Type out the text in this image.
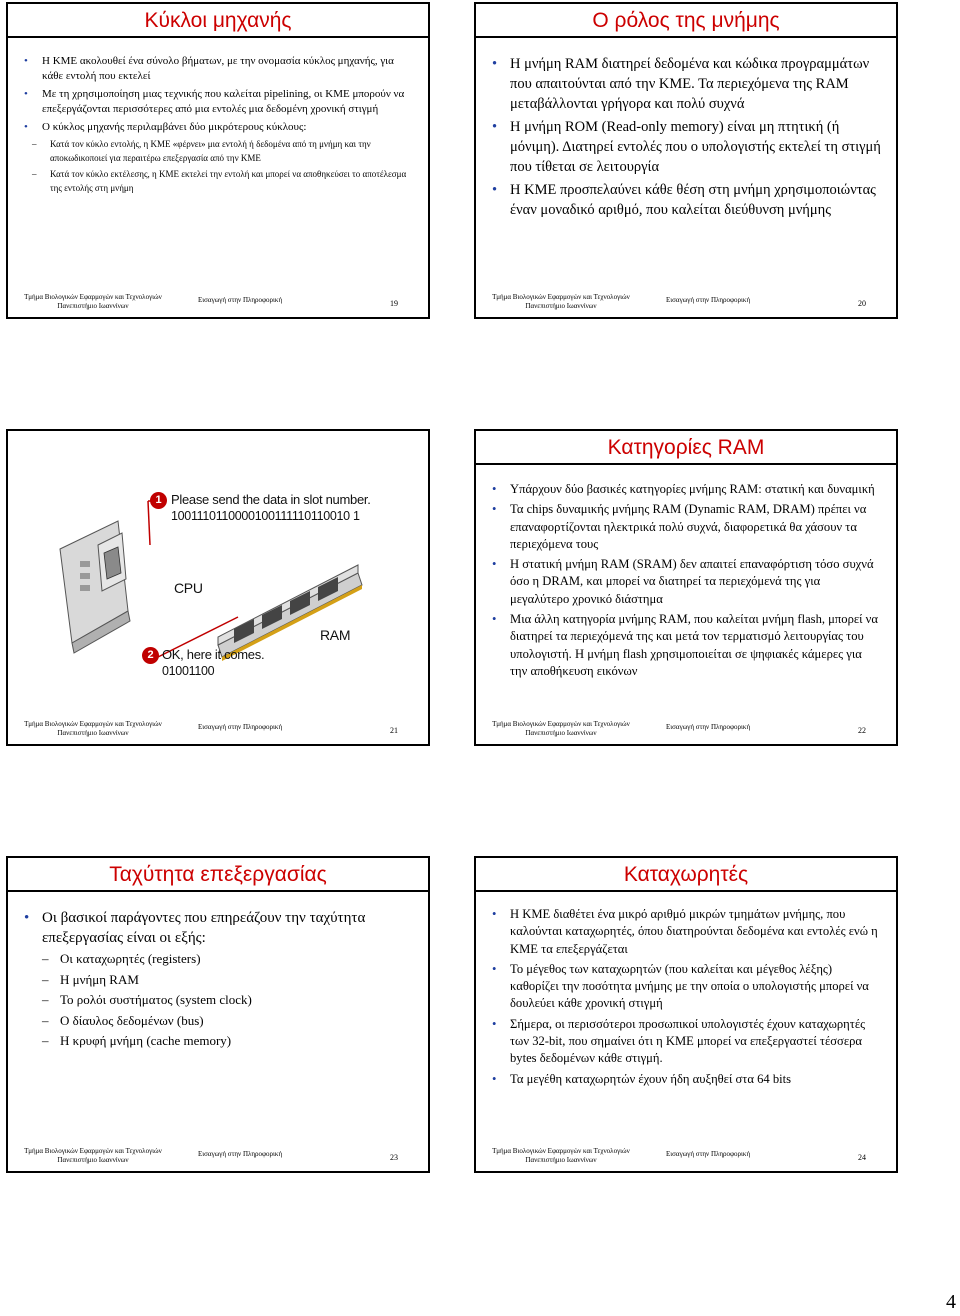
Κύκλοι μηχανής
• Η ΚΜΕ ακολουθεί ένα σύνολο βήματων, με την ονομασία κύκλος μηχανής, για κάθε εντολή που εκτελεί
• Με τη χρησιμοποίηση μιας τεχνικής που καλείται pipelining, οι ΚΜΕ μπορούν να επεξεργάζονται περισσότερες από μια εντολές μια δεδομένη χρονική στιγμή
• Ο κύκλος μηχανής περιλαμβάνει δύο μικρότερους κύκλους:
– Κατά τον κύκλο εντολής, η ΚΜΕ «φέρνει» μια εντολή ή δεδομένα από τη μνήμη και την αποκωδικοποιεί για περαιτέρω επεξεργασία από την ΚΜΕ
– Κατά τον κύκλο εκτέλεσης, η ΚΜΕ εκτελεί την εντολή και μπορεί να αποθηκεύσει το αποτέλεσμα της εντολής στη μνήμη
Τμήμα Βιολογικών Εφαρμογών και Τεχνολογιών
Πανεπιστήμιο Ιωαννίνων
Εισαγωγή στην Πληροφορική	19
Ο ρόλος της μνήμης
• Η μνήμη RAM διατηρεί δεδομένα και κώδικα προγραμμάτων που απαιτούνται από την ΚΜΕ. Τα περιεχόμενα της RAM μεταβάλλονται γρήγορα και πολύ συχνά
• Η μνήμη ROM (Read-only memory) είναι μη πτητική (ή μόνιμη). Διατηρεί εντολές που ο υπολογιστής εκτελεί τη στιγμή που τίθεται σε λειτουργία
• Η ΚΜΕ προσπελαύνει κάθε θέση στη μνήμη χρησιμοποιώντας έναν μοναδικό αριθμό, που καλείται διεύθυνση μνήμης
Τμήμα Βιολογικών Εφαρμογών και Τεχνολογιών
Πανεπιστήμιο Ιωαννίνων
Εισαγωγή στην Πληροφορική	20
1 Please send the data in slot number.
1001110110000100111110110010 1
CPU
RAM
2 OK, here it comes.
01001100
Τμήμα Βιολογικών Εφαρμογών και Τεχνολογιών
Πανεπιστήμιο Ιωαννίνων
Εισαγωγή στην Πληροφορική	21
Κατηγορίες RAM
• Υπάρχουν δύο βασικές κατηγορίες μνήμης RAM: στατική και δυναμική
• Τα chips δυναμικής μνήμης RAM (Dynamic RAM, DRAM) πρέπει να επαναφορτίζονται ηλεκτρικά πολύ συχνά, διαφορετικά θα χάσουν τα περιεχόμενα τους
• Η στατική μνήμη RAM (SRAM) δεν απαιτεί επαναφόρτιση τόσο συχνά όσο η DRAM, και μπορεί να διατηρεί τα περιεχόμενά της για μεγαλύτερο χρονικό διάστημα
• Μια άλλη κατηγορία μνήμης RAM, που καλείται μνήμη flash, μπορεί να διατηρεί τα περιεχόμενά της και μετά τον τερματισμό λειτουργίας του υπολογιστή. Η μνήμη flash χρησιμοποιείται σε ψηφιακές κάμερες για την αποθήκευση εικόνων
Τμήμα Βιολογικών Εφαρμογών και Τεχνολογιών
Πανεπιστήμιο Ιωαννίνων
Εισαγωγή στην Πληροφορική	22
Ταχύτητα επεξεργασίας
• Οι βασικοί παράγοντες που επηρεάζουν την ταχύτητα επεξεργασίας είναι οι εξής:
– Οι καταχωρητές (registers)
– Η μνήμη RAM
– Το ρολόι συστήματος (system clock)
– Ο δίαυλος δεδομένων (bus)
– Η κρυφή μνήμη (cache memory)
Τμήμα Βιολογικών Εφαρμογών και Τεχνολογιών
Πανεπιστήμιο Ιωαννίνων
Εισαγωγή στην Πληροφορική	23
Καταχωρητές
• Η ΚΜΕ διαθέτει ένα μικρό αριθμό μικρών τμημάτων μνήμης, που καλούνται καταχωρητές, όπου διατηρούνται δεδομένα και εντολές ενώ η ΚΜΕ τα επεξεργάζεται
• Το μέγεθος των καταχωρητών (που καλείται και μέγεθος λέξης) καθορίζει την ποσότητα μνήμης με την οποία ο υπολογιστής μπορεί να δουλεύει κάθε χρονική στιγμή
• Σήμερα, οι περισσότεροι προσωπικοί υπολογιστές έχουν καταχωρητές των 32-bit, που σημαίνει ότι η ΚΜΕ μπορεί να επεξεργαστεί τέσσερα bytes δεδομένων κάθε στιγμή.
• Τα μεγέθη καταχωρητών έχουν ήδη αυξηθεί στα 64 bits
Τμήμα Βιολογικών Εφαρμογών και Τεχνολογιών
Πανεπιστήμιο Ιωαννίνων
Εισαγωγή στην Πληροφορική	24
4
